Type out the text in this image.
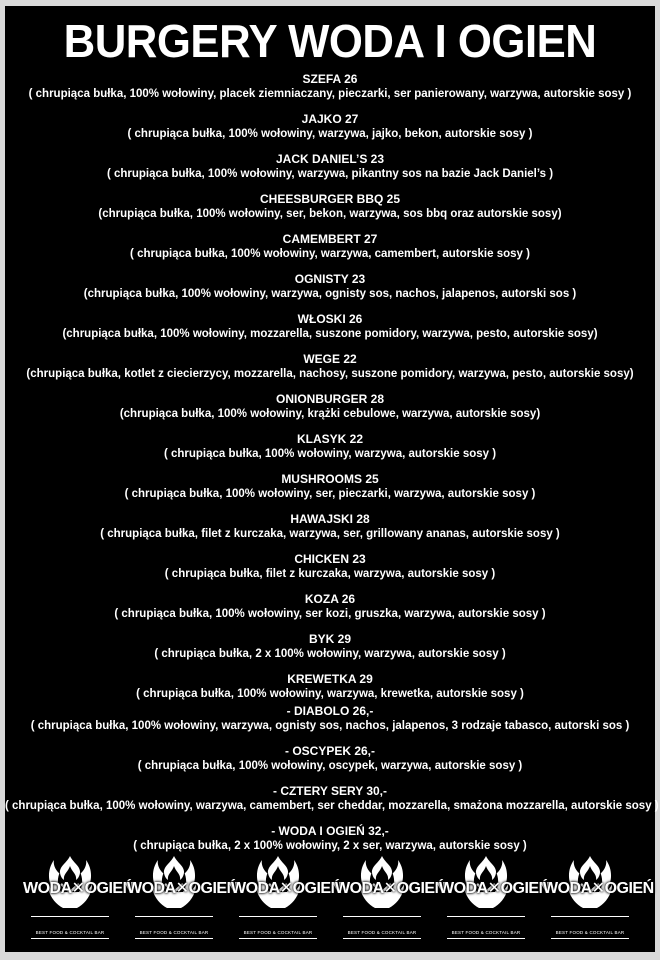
BURGERY WODA I OGIEN
SZEFA 26
( chrupiąca bułka, 100% wołowiny, placek ziemniaczany, pieczarki, ser panierowany, warzywa, autorskie sosy )
JAJKO 27
( chrupiąca bułka, 100% wołowiny, warzywa, jajko, bekon, autorskie sosy )
JACK DANIEL’S 23
( chrupiąca bułka, 100% wołowiny, warzywa, pikantny sos na bazie Jack Daniel’s )
CHEESBURGER BBQ 25
(chrupiąca bułka, 100% wołowiny, ser, bekon, warzywa, sos bbq oraz autorskie sosy)
CAMEMBERT 27
( chrupiąca bułka, 100% wołowiny, warzywa, camembert, autorskie sosy )
OGNISTY 23
(chrupiąca bułka, 100% wołowiny, warzywa, ognisty sos, nachos, jalapenos, autorski sos )
WŁOSKI 26
(chrupiąca bułka, 100% wołowiny, mozzarella, suszone pomidory, warzywa, pesto, autorskie sosy)
WEGE 22
(chrupiąca bułka, kotlet z ciecierzycy, mozzarella, nachosy, suszone pomidory, warzywa, pesto, autorskie sosy)
ONIONBURGER 28
(chrupiąca bułka, 100% wołowiny, krążki cebulowe, warzywa, autorskie sosy)
KLASYK 22
( chrupiąca bułka, 100% wołowiny, warzywa, autorskie sosy )
MUSHROOMS 25
( chrupiąca bułka, 100% wołowiny, ser, pieczarki, warzywa, autorskie sosy )
HAWAJSKI 28
( chrupiąca bułka, filet z kurczaka, warzywa, ser, grillowany ananas, autorskie sosy )
CHICKEN 23
( chrupiąca bułka, filet z kurczaka, warzywa, autorskie sosy )
KOZA 26
( chrupiąca bułka, 100% wołowiny, ser kozi, gruszka, warzywa, autorskie sosy )
BYK 29
( chrupiąca bułka, 2 x 100% wołowiny, warzywa, autorskie sosy )
KREWETKA 29
( chrupiąca bułka, 100% wołowiny, warzywa, krewetka, autorskie sosy )
- DIABOLO 26,-
( chrupiąca bułka, 100% wołowiny, warzywa, ognisty sos, nachos, jalapenos, 3 rodzaje tabasco, autorski sos )
- OSCYPEK 26,-
( chrupiąca bułka, 100% wołowiny, oscypek, warzywa, autorskie sosy )
- CZTERY SERY 30,-
( chrupiąca bułka, 100% wołowiny, warzywa, camembert, ser cheddar, mozzarella, smażona mozzarella, autorskie sosy )
- WODA I OGIEŃ 32,-
( chrupiąca bułka, 2 x 100% wołowiny, 2 x ser, warzywa, autorskie sosy )
WODA✕OGIEŃ
BEST FOOD & COCKTAIL BAR
WODA✕OGIEŃ
BEST FOOD & COCKTAIL BAR
WODA✕OGIEŃ
BEST FOOD & COCKTAIL BAR
WODA✕OGIEŃ
BEST FOOD & COCKTAIL BAR
WODA✕OGIEŃ
BEST FOOD & COCKTAIL BAR
WODA✕OGIEŃ
BEST FOOD & COCKTAIL BAR
